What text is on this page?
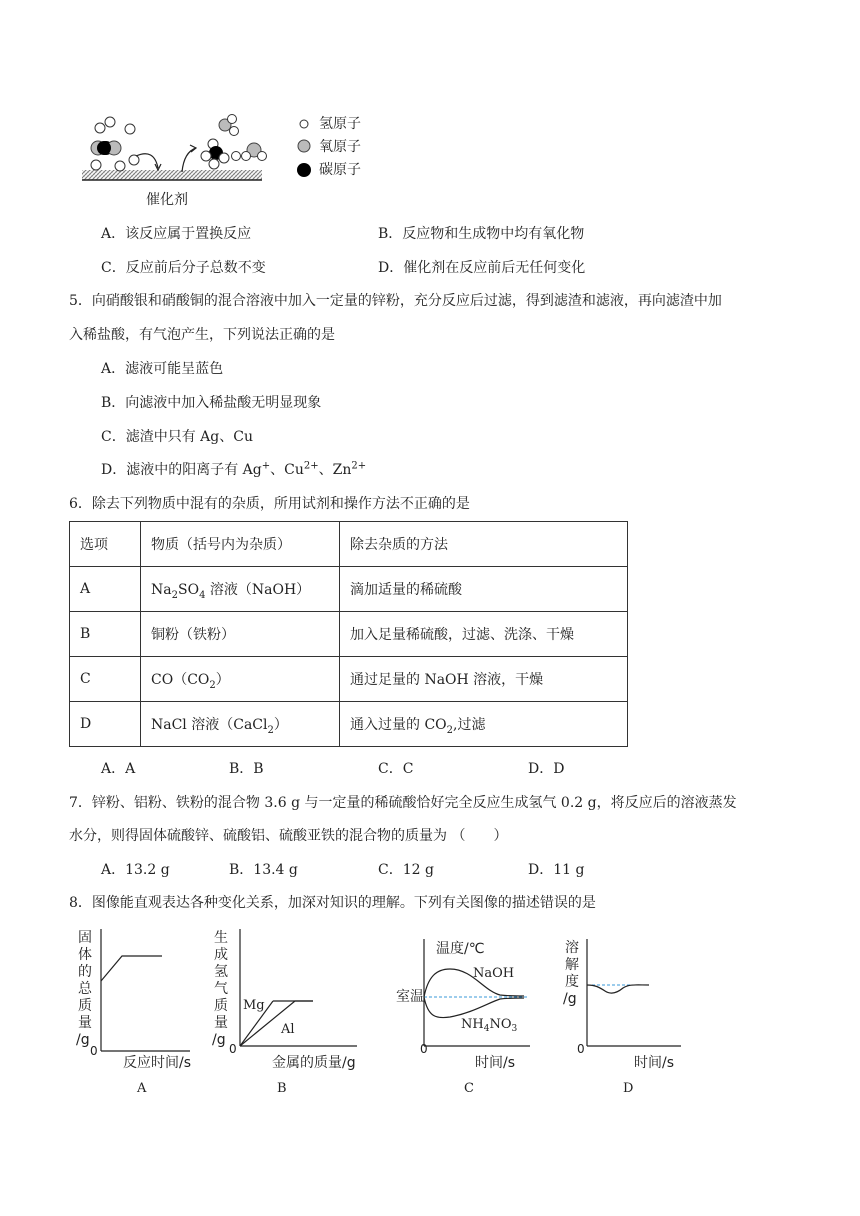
氢原子
氧原子
碳原子
催化剂
A．该反应属于置换反应	B．反应物和生成物中均有氧化物
C．反应前后分子总数不变	D．催化剂在反应前后无任何变化
5．向硝酸银和硝酸铜的混合溶液中加入一定量的锌粉，充分反应后过滤，得到滤渣和滤液，再向滤渣中加
入稀盐酸，有气泡产生，下列说法正确的是
A．滤液可能呈蓝色
B．向滤液中加入稀盐酸无明显现象
C．滤渣中只有 Ag、Cu
D．滤液中的阳离子有 Ag+、$Cu^{2+}$、$Zn^{2+}$
6．除去下列物质中混有的杂质，所用试剂和操作方法不正确的是
选项	物质（括号内为杂质）	除去杂质的方法
A	$Na_2SO_4$ 溶液（NaOH）	滴加适量的稀硫酸
B	铜粉（铁粉）	加入足量稀硫酸，过滤、洗涤、干燥
C	$CO(CO_2)$	通过足量的 NaOH 溶液，干燥
D	NaCl 溶液（CaCl$_2$）	通入过量的 $CO_2$,过滤
A．A	B．B	C．C	D．D
7．锌粉、铝粉、铁粉的混合物 3.6 g 与一定量的稀硫酸恰好完全反应生成氢气 0.2 g，将反应后的溶液蒸发
水分，则得固体硫酸锌、硫酸铝、硫酸亚铁的混合物的质量为 （　　）
A．13.2 g	B．13.4 g	C．12 g	D．11 g
8．图像能直观表达各种变化关系，加深对知识的理解。下列有关图像的描述错误的是
固
体
的
总
质
量
/g
0
反应时间/s
A
生
成
氢
气
质
量
/g
Mg
Al
0
金属的质量/g
B
温度/℃
室温
NaOH
$NH_4NO_3$
0
时间/s
C
溶
解
度
/g
0
时间/s
D
